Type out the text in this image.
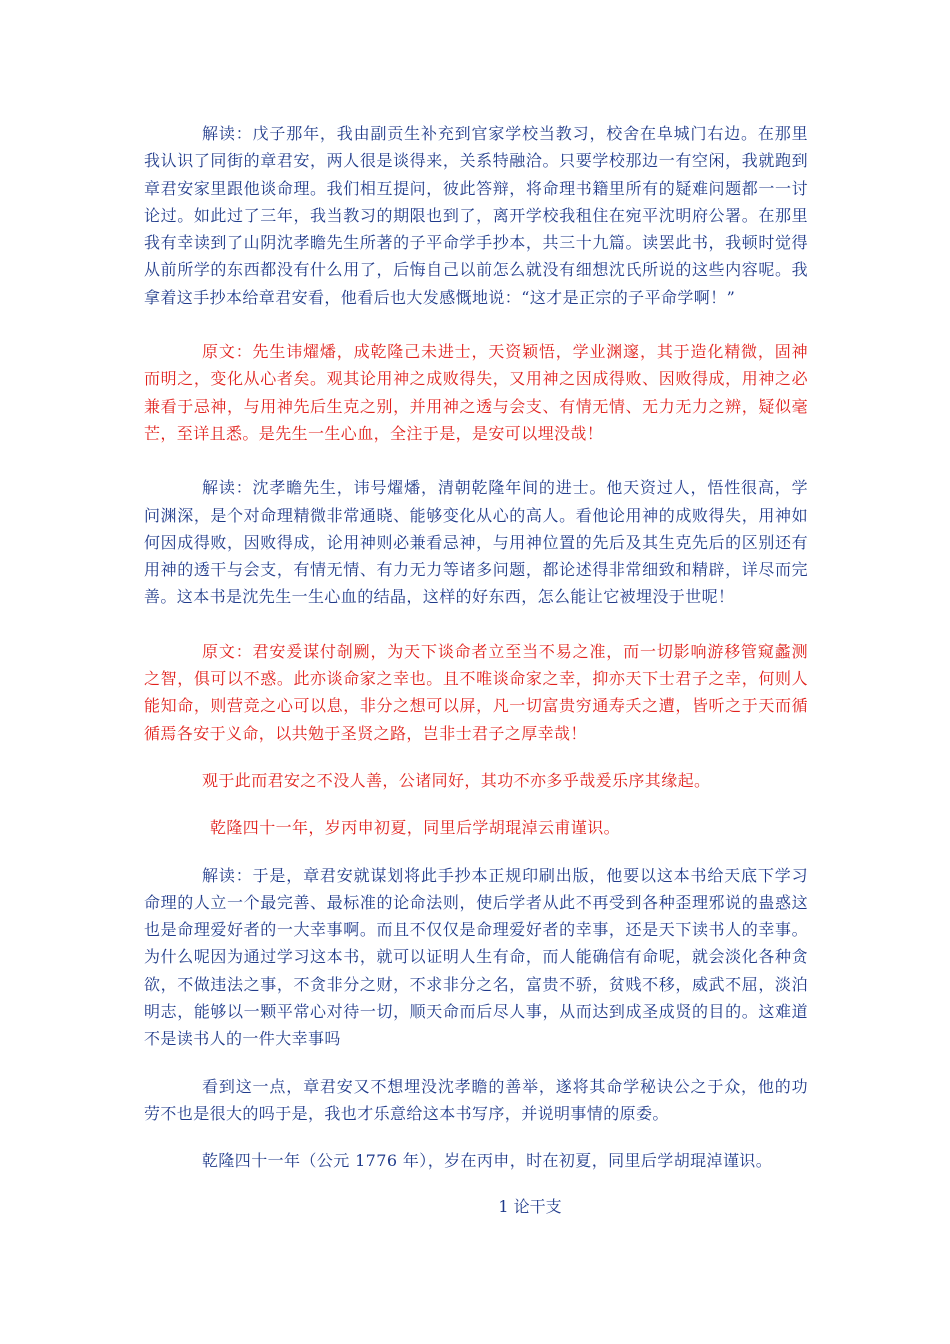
解读：戊子那年，我由副贡生补充到官家学校当教习，校舍在阜城门右边。在那里我认识了同街的章君安，两人很是谈得来，关系特融洽。只要学校那边一有空闲，我就跑到章君安家里跟他谈命理。我们相互提问，彼此答辩，将命理书籍里所有的疑难问题都一一讨论过。如此过了三年，我当教习的期限也到了，离开学校我租住在宛平沈明府公署。在那里我有幸读到了山阴沈孝瞻先生所著的子平命学手抄本，共三十九篇。读罢此书，我顿时觉得从前所学的东西都没有什么用了，后悔自己以前怎么就没有细想沈氏所说的这些内容呢。我拿着这手抄本给章君安看，他看后也大发感慨地说：“这才是正宗的子平命学啊！”

原文：先生讳燿燔，成乾隆己未进士，天资颖悟，学业渊邃，其于造化精微，固神而明之，变化从心者矣。观其论用神之成败得失，又用神之因成得败、因败得成，用神之必兼看于忌神，与用神先后生克之别，并用神之透与会支、有情无情、无力无力之辨，疑似毫芒，至详且悉。是先生一生心血，全注于是，是安可以埋没哉！

解读：沈孝瞻先生，讳号燿燔，清朝乾隆年间的进士。他天资过人，悟性很高，学问渊深，是个对命理精微非常通晓、能够变化从心的高人。看他论用神的成败得失，用神如何因成得败，因败得成，论用神则必兼看忌神，与用神位置的先后及其生克先后的区别还有用神的透干与会支，有情无情、有力无力等诸多问题，都论述得非常细致和精辟，详尽而完善。这本书是沈先生一生心血的结晶，这样的好东西，怎么能让它被埋没于世呢！

原文：君安爰谋付剞劂，为天下谈命者立至当不易之准，而一切影响游移管窥蠡测之智，俱可以不惑。此亦谈命家之幸也。且不唯谈命家之幸，抑亦天下士君子之幸，何则人能知命，则营竞之心可以息，非分之想可以屏，凡一切富贵穷通寿夭之遭，皆听之于天而循循焉各安于义命，以共勉于圣贤之路，岂非士君子之厚幸哉！

观于此而君安之不没人善，公诸同好，其功不亦多乎哉爰乐序其缘起。

乾隆四十一年，岁丙申初夏，同里后学胡琨淖云甫谨识。

解读：于是，章君安就谋划将此手抄本正规印刷出版，他要以这本书给天底下学习命理的人立一个最完善、最标准的论命法则，使后学者从此不再受到各种歪理邪说的蛊惑这也是命理爱好者的一大幸事啊。而且不仅仅是命理爱好者的幸事，还是天下读书人的幸事。为什么呢因为通过学习这本书，就可以证明人生有命，而人能确信有命呢，就会淡化各种贪欲，不做违法之事，不贪非分之财，不求非分之名，富贵不骄，贫贱不移，威武不屈，淡泊明志，能够以一颗平常心对待一切，顺天命而后尽人事，从而达到成圣成贤的目的。这难道不是读书人的一件大幸事吗

看到这一点，章君安又不想埋没沈孝瞻的善举，遂将其命学秘诀公之于众，他的功劳不也是很大的吗于是，我也才乐意给这本书写序，并说明事情的原委。

乾隆四十一年（公元 1776 年），岁在丙申，时在初夏，同里后学胡琨淖谨识。

1 论干支
